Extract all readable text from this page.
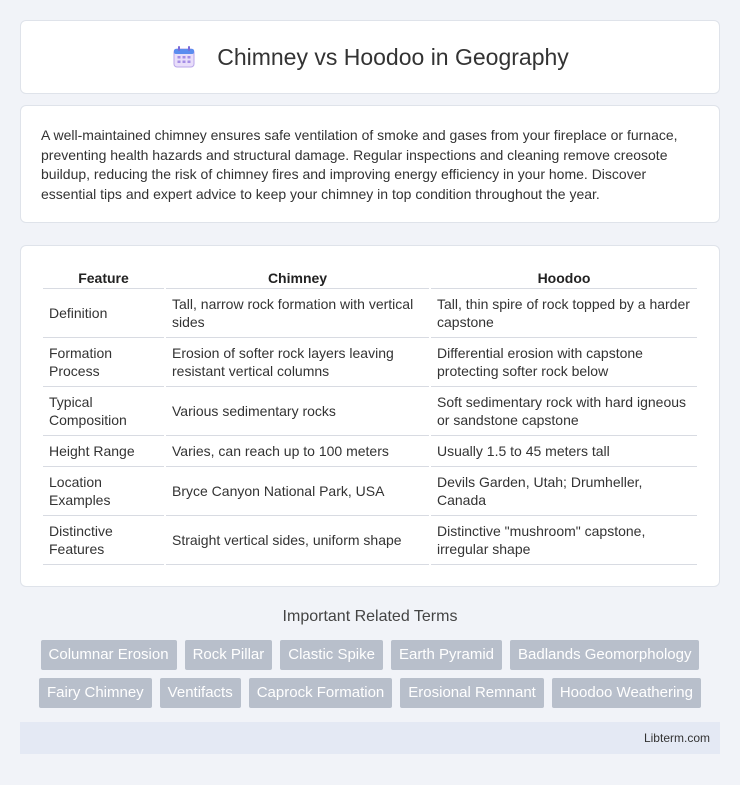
Chimney vs Hoodoo in Geography

A well-maintained chimney ensures safe ventilation of smoke and gases from your fireplace or furnace, preventing health hazards and structural damage. Regular inspections and cleaning remove creosote buildup, reducing the risk of chimney fires and improving energy efficiency in your home. Discover essential tips and expert advice to keep your chimney in top condition throughout the year.

Feature	Chimney	Hoodoo
Definition	Tall, narrow rock formation with vertical sides	Tall, thin spire of rock topped by a harder capstone
Formation Process	Erosion of softer rock layers leaving resistant vertical columns	Differential erosion with capstone protecting softer rock below
Typical Composition	Various sedimentary rocks	Soft sedimentary rock with hard igneous or sandstone capstone
Height Range	Varies, can reach up to 100 meters	Usually 1.5 to 45 meters tall
Location Examples	Bryce Canyon National Park, USA	Devils Garden, Utah; Drumheller, Canada
Distinctive Features	Straight vertical sides, uniform shape	Distinctive "mushroom" capstone, irregular shape
Important Related Terms
Columnar Erosion	Rock Pillar	Clastic Spike	Earth Pyramid	Badlands Geomorphology
Fairy Chimney	Ventifacts	Caprock Formation	Erosional Remnant	Hoodoo Weathering
Libterm.com
